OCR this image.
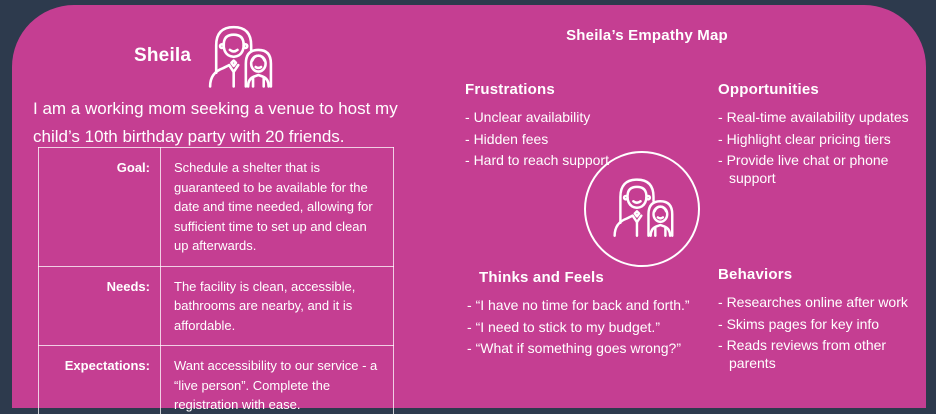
Sheila

I am a working mom seeking a venue to host my child’s 10th birthday party with 20 friends.

Goal:	Schedule a shelter that is guaranteed to be available for the date and time needed, allowing for sufficient time to set up and clean up afterwards.
Needs:	The facility is clean, accessible, bathrooms are nearby, and it is affordable.
Expectations:	Want accessibility to our service - a “live person”. Complete the registration with ease.
Sheila’s Empathy Map
Frustrations
- Unclear availability
- Hidden fees
- Hard to reach support
Opportunities
- Real-time availability updates
- Highlight clear pricing tiers
- Provide live chat or phone support
Thinks and Feels
- “I have no time for back and forth.”
- “I need to stick to my budget.”
- “What if something goes wrong?”
Behaviors
- Researches online after work
- Skims pages for key info
- Reads reviews from other parents
